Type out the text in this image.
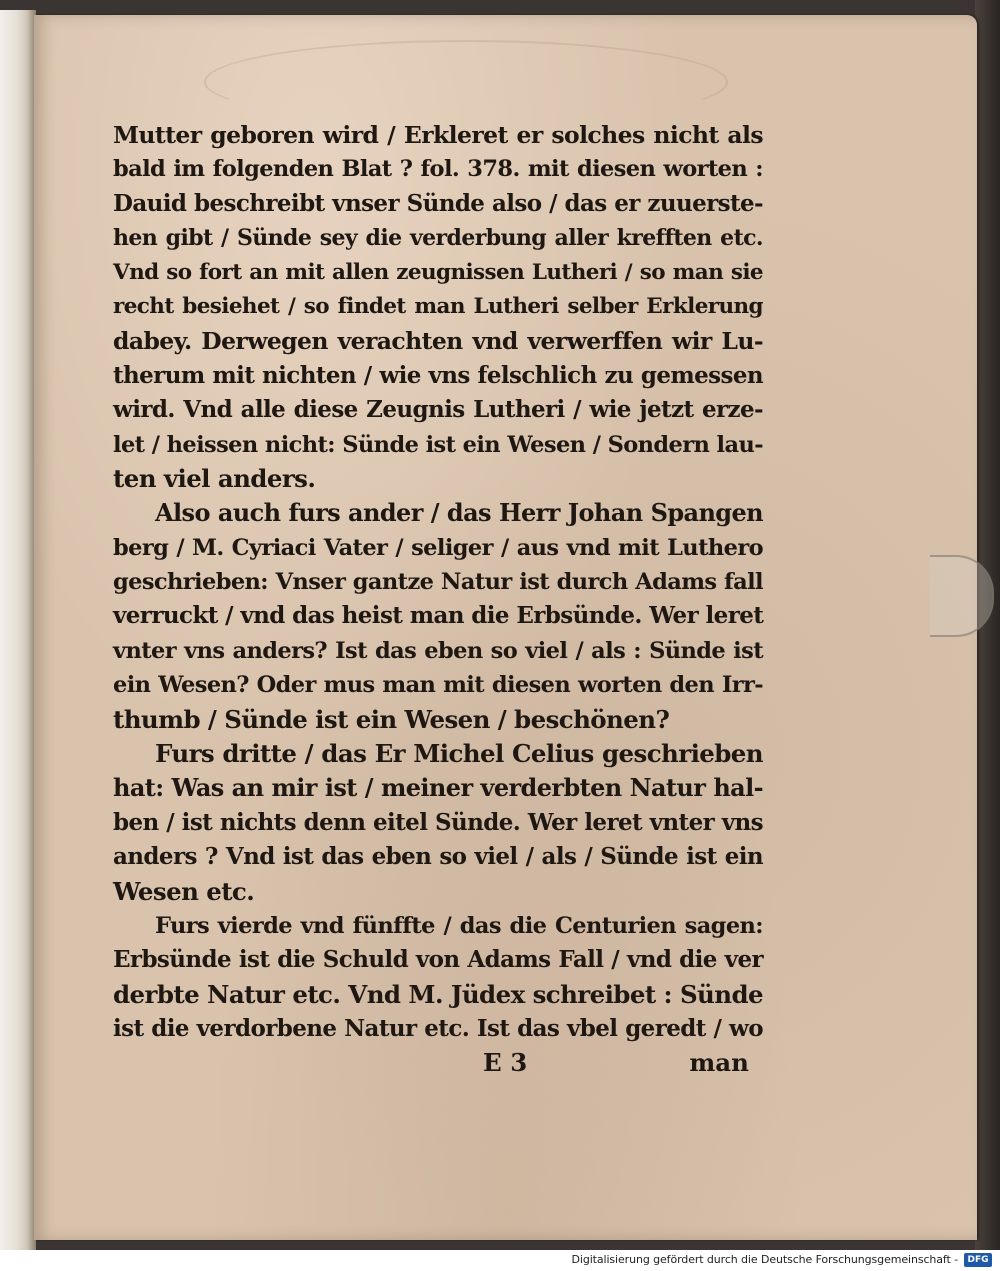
Mutter geboren wird / Erkleret er solches nicht als
bald im folgenden Blat ? fol. 378. mit diesen worten :
Dauid beschreibt vnser Sünde also / das er zuuerste-
hen gibt / Sünde sey die verderbung aller krefften etc.
Vnd so fort an mit allen zeugnissen Lutheri / so man sie
recht besiehet / so findet man Lutheri selber Erklerung
dabey. Derwegen verachten vnd verwerffen wir Lu-
therum mit nichten / wie vns felschlich zu gemessen
wird. Vnd alle diese Zeugnis Lutheri / wie jetzt erze-
let / heissen nicht: Sünde ist ein Wesen / Sondern lau-
ten viel anders.
Also auch furs ander / das Herr Johan Spangen
berg / M. Cyriaci Vater / seliger / aus vnd mit Luthero
geschrieben: Vnser gantze Natur ist durch Adams fall
verruckt / vnd das heist man die Erbsünde. Wer leret
vnter vns anders? Ist das eben so viel / als : Sünde ist
ein Wesen? Oder mus man mit diesen worten den Irr-
thumb / Sünde ist ein Wesen / beschönen?
Furs dritte / das Er Michel Celius geschrieben
hat: Was an mir ist / meiner verderbten Natur hal-
ben / ist nichts denn eitel Sünde. Wer leret vnter vns
anders ? Vnd ist das eben so viel / als / Sünde ist ein
Wesen etc.
Furs vierde vnd fünffte / das die Centurien sagen:
Erbsünde ist die Schuld von Adams Fall / vnd die ver
derbte Natur etc. Vnd M. Jüdex schreibet : Sünde
ist die verdorbene Natur etc. Ist das vbel geredt / wo
E 3	man
Digitalisierung gefördert durch die Deutsche Forschungsgemeinschaft -	DFG
